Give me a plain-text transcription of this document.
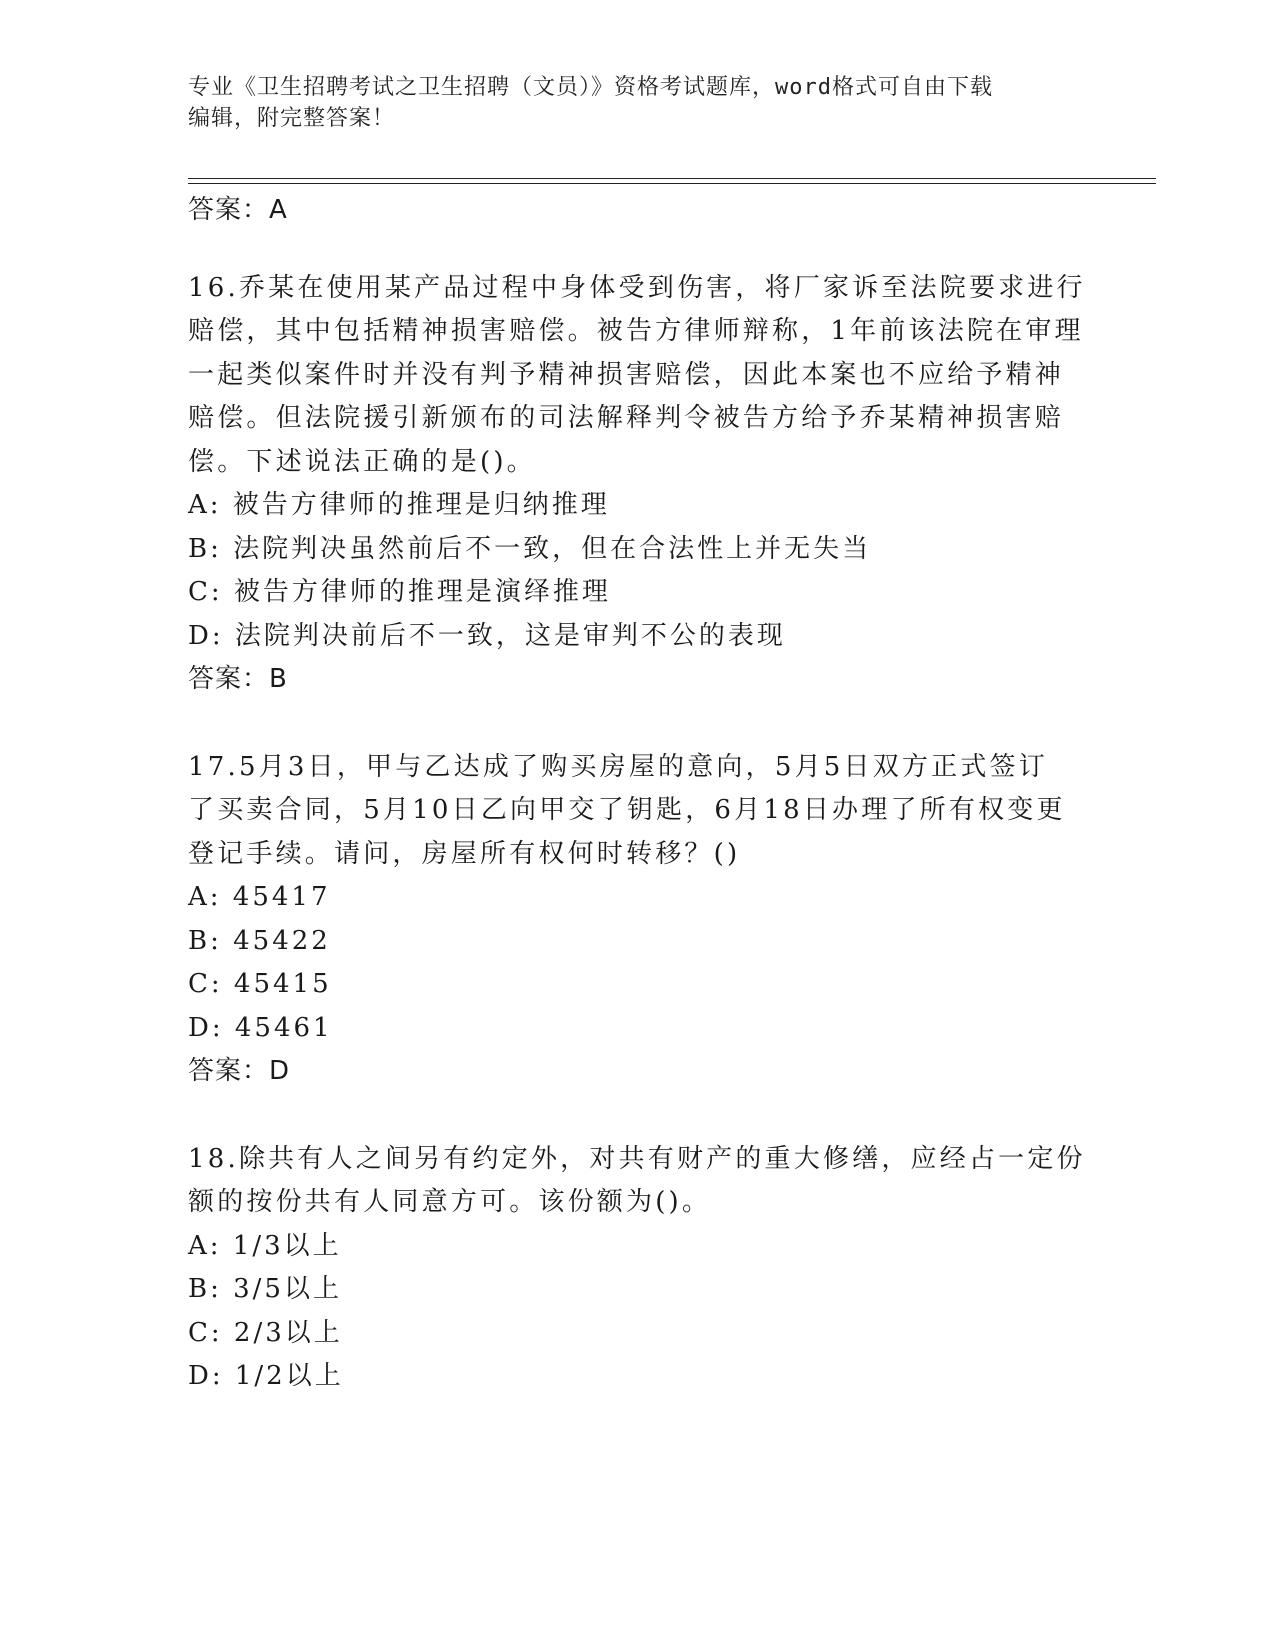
专业《卫生招聘考试之卫生招聘（文员）》资格考试题库，word格式可自由下载
编辑，附完整答案！
答案：A
16.乔某在使用某产品过程中身体受到伤害，将厂家诉至法院要求进行
赔偿，其中包括精神损害赔偿。被告方律师辩称，1年前该法院在审理
一起类似案件时并没有判予精神损害赔偿，因此本案也不应给予精神
赔偿。但法院援引新颁布的司法解释判令被告方给予乔某精神损害赔
偿。下述说法正确的是()。
A: 被告方律师的推理是归纳推理
B: 法院判决虽然前后不一致，但在合法性上并无失当
C: 被告方律师的推理是演绎推理
D: 法院判决前后不一致，这是审判不公的表现
答案：B
17.5月3日，甲与乙达成了购买房屋的意向，5月5日双方正式签订
了买卖合同，5月10日乙向甲交了钥匙，6月18日办理了所有权变更
登记手续。请问，房屋所有权何时转移？()
A: 45417
B: 45422
C: 45415
D: 45461
答案：D
18.除共有人之间另有约定外，对共有财产的重大修缮，应经占一定份
额的按份共有人同意方可。该份额为()。
A: 1/3以上
B: 3/5以上
C: 2/3以上
D: 1/2以上
